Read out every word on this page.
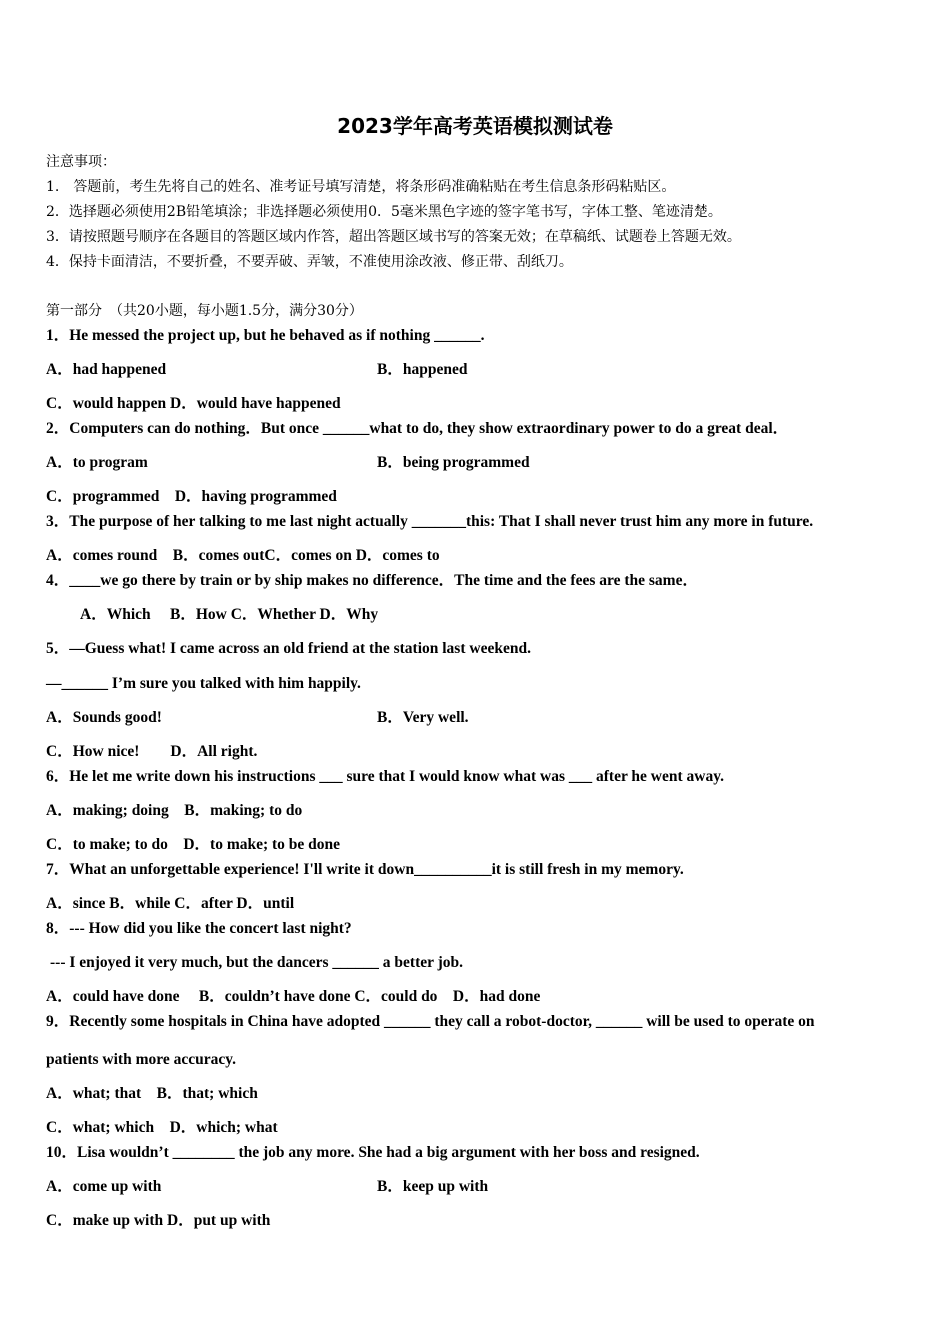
2023学年高考英语模拟测试卷
注意事项：
1.　答题前，考生先将自己的姓名、准考证号填写清楚，将条形码准确粘贴在考生信息条形码粘贴区。
2．选择题必须使用2B铅笔填涂；非选择题必须使用0．5毫米黑色字迹的签字笔书写，字体工整、笔迹清楚。
3．请按照题号顺序在各题目的答题区域内作答，超出答题区域书写的答案无效；在草稿纸、试题卷上答题无效。
4．保持卡面清洁，不要折叠，不要弄破、弄皱，不准使用涂改液、修正带、刮纸刀。
第一部分　（共20小题，每小题1.5分，满分30分）
1．He messed the project up, but he behaved as if nothing ______.
A．had happened	B．happened
C．would happen D．would have happened
2．Computers can do nothing．But once ______what to do, they show extraordinary power to do a great deal．
A．to program	B．being programmed
C．programmed　D．having programmed
3．The purpose of her talking to me last night actually _______this: That I shall never trust him any more in future.
A．comes round　B．comes outC．comes on D．comes to
4．____we go there by train or by ship makes no difference．The time and the fees are the same．
A．Which　 B．How C．Whether D．Why
5．—Guess what! I came across an old friend at the station last weekend.
—______ I’m sure you talked with him happily.
A．Sounds good!	B．Very well.
C．How nice!　　D．All right.
6．He let me write down his instructions ___ sure that I would know what was ___ after he went away.
A．making; doing　B．making; to do
C．to make; to do　D．to make; to be done
7．What an unforgettable experience! I'll write it down__________it is still fresh in my memory.
A．since B．while C．after D．until
8．--- How did you like the concert last night?
--- I enjoyed it very much, but the dancers ______ a better job.
A．could have done　 B．couldn’t have done C．could do　D．had done
9．Recently some hospitals in China have adopted ______ they call a robot-doctor, ______ will be used to operate on
patients with more accuracy.
A．what; that　B．that; which
C．what; which　D．which; what
10．Lisa wouldn’t ________ the job any more. She had a big argument with her boss and resigned.
A．come up with	B．keep up with
C．make up with D．put up with
